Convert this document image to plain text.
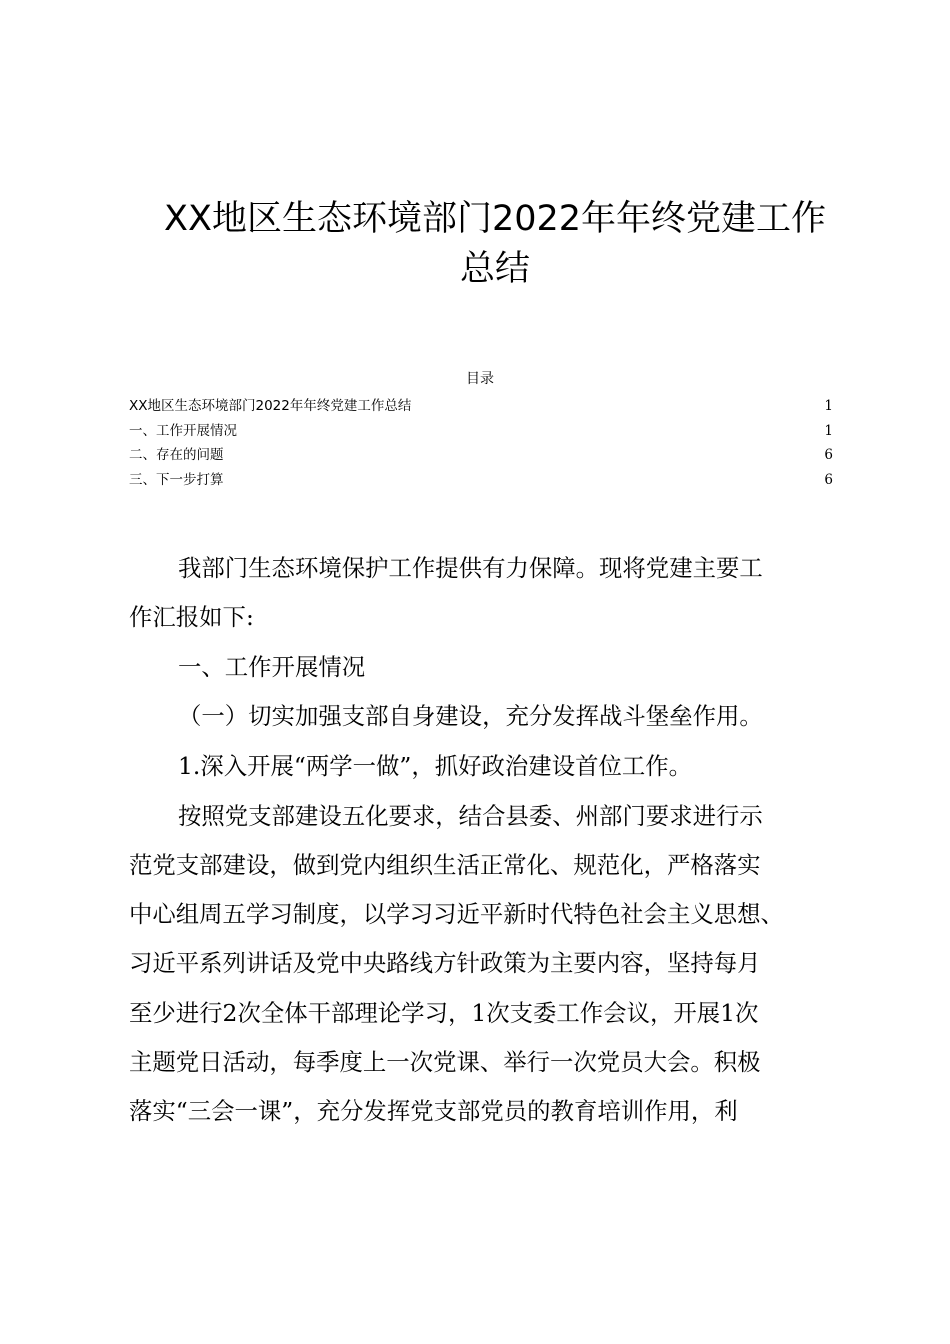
XX地区生态环境部门2022年年终党建工作
总结
目录
XX地区生态环境部门2022年年终党建工作总结	1
一、工作开展情况	1
二、存在的问题	6
三、下一步打算	6
我部门生态环境保护工作提供有力保障。现将党建主要工
作汇报如下:
一、工作开展情况
（一）切实加强支部自身建设，充分发挥战斗堡垒作用。
1.深入开展“两学一做”，抓好政治建设首位工作。
按照党支部建设五化要求，结合县委、州部门要求进行示
范党支部建设，做到党内组织生活正常化、规范化，严格落实
中心组周五学习制度，以学习习近平新时代特色社会主义思想、
习近平系列讲话及党中央路线方针政策为主要内容，坚持每月
至少进行2次全体干部理论学习，1次支委工作会议，开展1次
主题党日活动，每季度上一次党课、举行一次党员大会。积极
落实“三会一课”，充分发挥党支部党员的教育培训作用，利
